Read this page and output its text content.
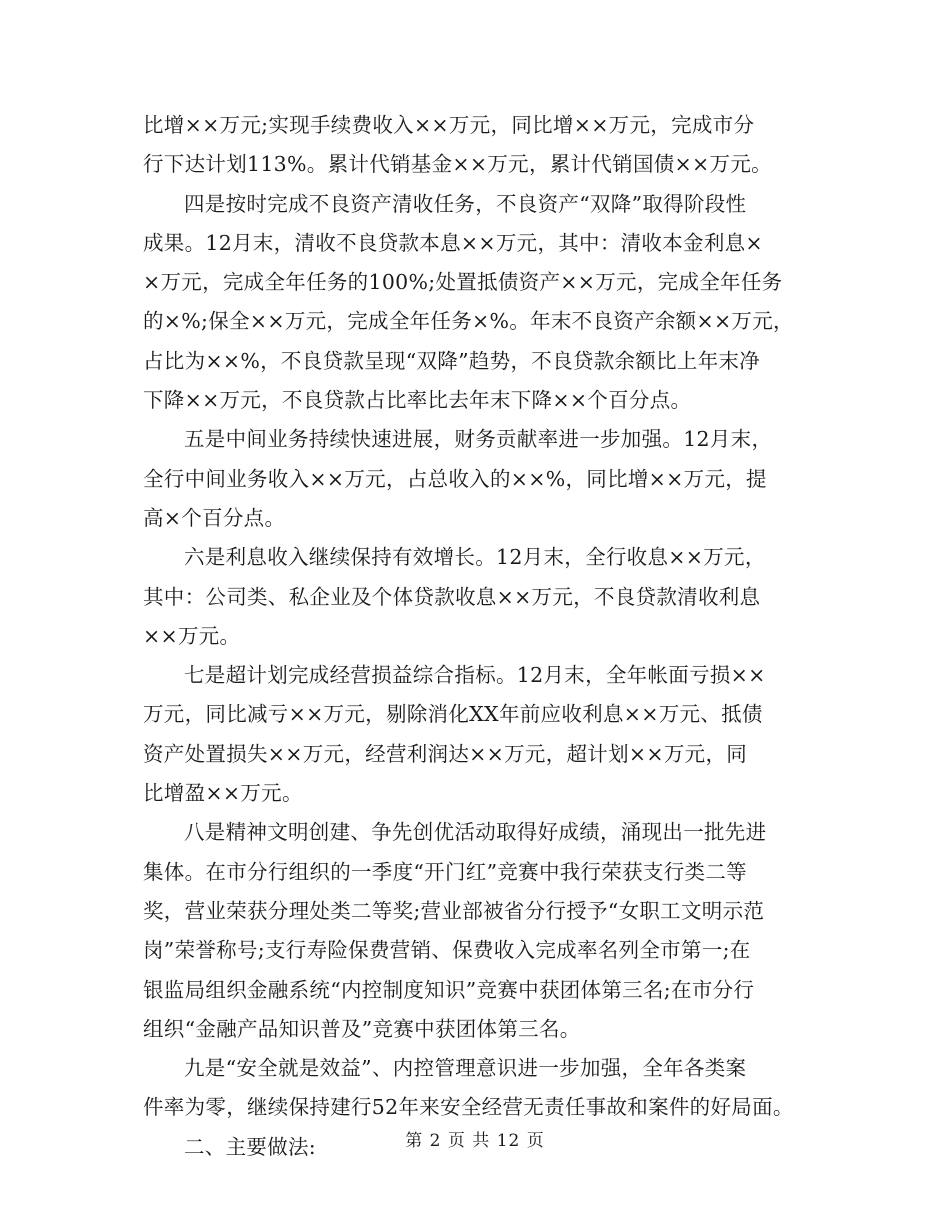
比增××万元;实现手续费收入××万元，同比增××万元，完成市分
行下达计划113%。累计代销基金××万元，累计代销国债××万元。

四是按时完成不良资产清收任务，不良资产“双降”取得阶段性
成果。12月末，清收不良贷款本息××万元，其中：清收本金利息×
×万元，完成全年任务的100%;处置抵债资产××万元，完成全年任务
的×%;保全××万元，完成全年任务×%。年末不良资产余额××万元，
占比为××%，不良贷款呈现“双降”趋势，不良贷款余额比上年末净
下降××万元，不良贷款占比率比去年末下降××个百分点。

五是中间业务持续快速进展，财务贡献率进一步加强。12月末，
全行中间业务收入××万元，占总收入的××%，同比增××万元，提
高×个百分点。

六是利息收入继续保持有效增长。12月末，全行收息××万元，
其中：公司类、私企业及个体贷款收息××万元，不良贷款清收利息
××万元。

七是超计划完成经营损益综合指标。12月末，全年帐面亏损××
万元，同比减亏××万元，剔除消化XX年前应收利息××万元、抵债
资产处置损失××万元，经营利润达××万元，超计划××万元，同
比增盈××万元。

八是精神文明创建、争先创优活动取得好成绩，涌现出一批先进
集体。在市分行组织的一季度“开门红”竞赛中我行荣获支行类二等
奖，营业荣获分理处类二等奖;营业部被省分行授予“女职工文明示范
岗”荣誉称号;支行寿险保费营销、保费收入完成率名列全市第一;在
银监局组织金融系统“内控制度知识”竞赛中获团体第三名;在市分行
组织“金融产品知识普及”竞赛中获团体第三名。

九是“安全就是效益”、内控管理意识进一步加强，全年各类案
件率为零，继续保持建行52年来安全经营无责任事故和案件的好局面。

二、主要做法:	第 2 页 共 12 页
